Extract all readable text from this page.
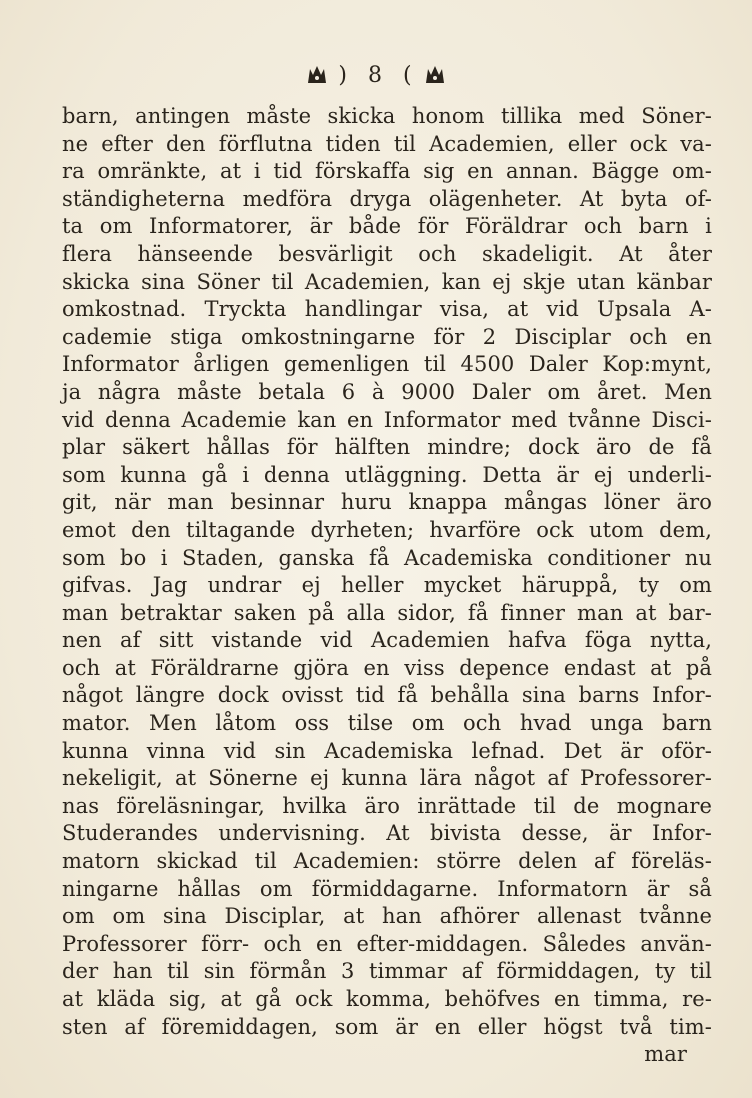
) 8 (
barn, antingen måste skicka honom tillika med Söner-
ne efter den förflutna tiden til Academien, eller ock va-
ra omränkte, at i tid förskaffa sig en annan. Bägge om-
ständigheterna medföra dryga olägenheter. At byta of-
ta om Informatorer, är både för Föräldrar och barn i
flera hänseende besvärligit och skadeligit. At åter
skicka sina Söner til Academien, kan ej skje utan känbar
omkostnad. Tryckta handlingar visa, at vid Upsala A-
cademie stiga omkostningarne för 2 Disciplar och en
Informator årligen gemenligen til 4500 Daler Kop:mynt,
ja några måste betala 6 à 9000 Daler om året. Men
vid denna Academie kan en Informator med tvånne Disci-
plar säkert hållas för hälften mindre; dock äro de få
som kunna gå i denna utläggning. Detta är ej underli-
git, när man besinnar huru knappa mångas löner äro
emot den tiltagande dyrheten; hvarföre ock utom dem,
som bo i Staden, ganska få Academiska conditioner nu
gifvas. Jag undrar ej heller mycket häruppå, ty om
man betraktar saken på alla sidor, få finner man at bar-
nen af sitt vistande vid Academien hafva föga nytta,
och at Föräldrarne gjöra en viss depence endast at på
något längre dock ovisst tid få behålla sina barns Infor-
mator. Men låtom oss tilse om och hvad unga barn
kunna vinna vid sin Academiska lefnad. Det är oför-
nekeligit, at Sönerne ej kunna lära något af Professorer-
nas föreläsningar, hvilka äro inrättade til de mognare
Studerandes undervisning. At bivista desse, är Infor-
matorn skickad til Academien: större delen af föreläs-
ningarne hållas om förmiddagarne. Informatorn är så
om om sina Disciplar, at han afhörer allenast tvånne
Professorer förr- och en efter-middagen. Således använ-
der han til sin förmån 3 timmar af förmiddagen, ty til
at kläda sig, at gå ock komma, behöfves en timma, re-
sten af föremiddagen, som är en eller högst två tim-
mar
